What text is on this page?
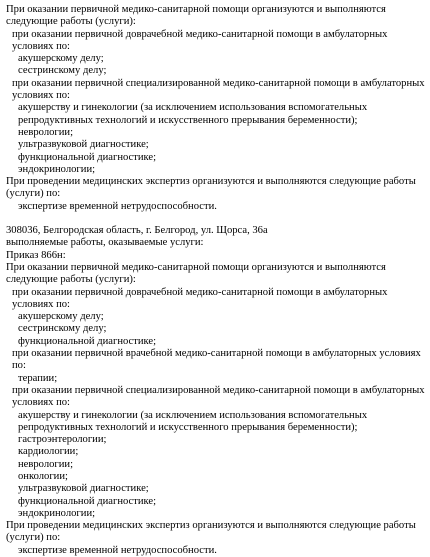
При оказании первичной медико-санитарной помощи организуются и выполняются следующие работы (услуги):

при оказании первичной доврачебной медико-санитарной помощи в амбулаторных условиях по:

акушерскому делу;

сестринскому делу;

при оказании первичной специализированной медико-санитарной помощи в амбулаторных условиях по:

акушерству и гинекологии (за исключением использования вспомогательных репродуктивных технологий и искусственного прерывания беременности);

неврологии;

ультразвуковой диагностике;

функциональной диагностике;

эндокринологии;

При проведении медицинских экспертиз организуются и выполняются следующие работы (услуги) по:

экспертизе временной нетрудоспособности.

308036, Белгородская область, г. Белгород, ул. Щорса, 36а

выполняемые работы, оказываемые услуги:

Приказ 866н:

При оказании первичной медико-санитарной помощи организуются и выполняются следующие работы (услуги):

при оказании первичной доврачебной медико-санитарной помощи в амбулаторных условиях по:

акушерскому делу;

сестринскому делу;

функциональной диагностике;

при оказании первичной врачебной медико-санитарной помощи в амбулаторных условиях по:

терапии;

при оказании первичной специализированной медико-санитарной помощи в амбулаторных условиях по:

акушерству и гинекологии (за исключением использования вспомогательных репродуктивных технологий и искусственного прерывания беременности);

гастроэнтерологии;

кардиологии;

неврологии;

онкологии;

ультразвуковой диагностике;

функциональной диагностике;

эндокринологии;

При проведении медицинских экспертиз организуются и выполняются следующие работы (услуги) по:

экспертизе временной нетрудоспособности.
